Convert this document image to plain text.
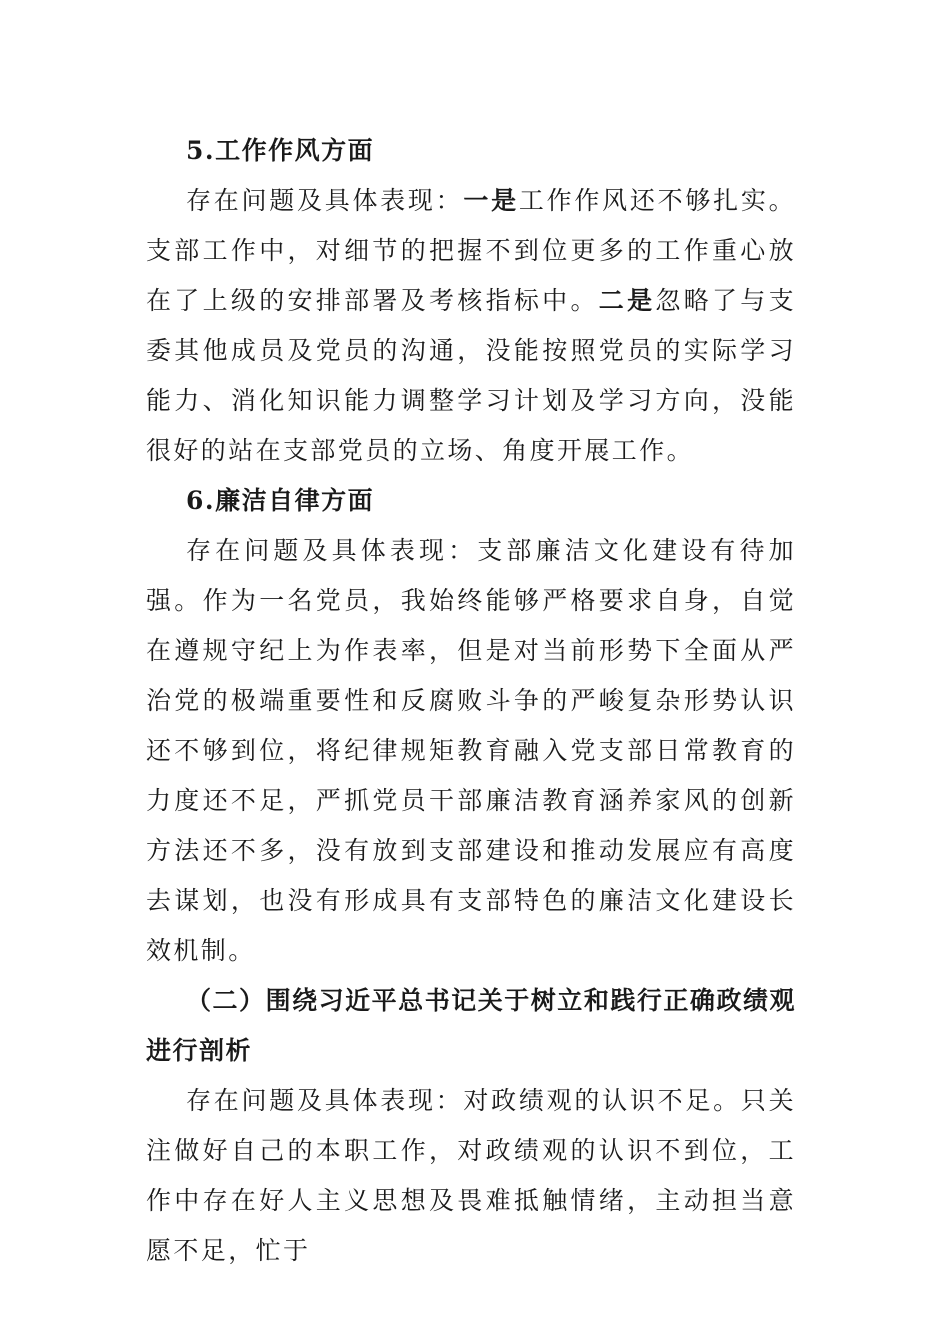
5.工作作风方面

存在问题及具体表现：一是工作作风还不够扎实。支部工作中，对细节的把握不到位更多的工作重心放在了上级的安排部署及考核指标中。二是忽略了与支委其他成员及党员的沟通，没能按照党员的实际学习能力、消化知识能力调整学习计划及学习方向，没能很好的站在支部党员的立场、角度开展工作。

6.廉洁自律方面

存在问题及具体表现：支部廉洁文化建设有待加强。作为一名党员，我始终能够严格要求自身，自觉在遵规守纪上为作表率，但是对当前形势下全面从严治党的极端重要性和反腐败斗争的严峻复杂形势认识还不够到位，将纪律规矩教育融入党支部日常教育的力度还不足，严抓党员干部廉洁教育涵养家风的创新方法还不多，没有放到支部建设和推动发展应有高度去谋划，也没有形成具有支部特色的廉洁文化建设长效机制。

（二）围绕习近平总书记关于树立和践行正确政绩观进行剖析

存在问题及具体表现：对政绩观的认识不足。只关注做好自己的本职工作，对政绩观的认识不到位，工作中存在好人主义思想及畏难抵触情绪，主动担当意愿不足，忙于
